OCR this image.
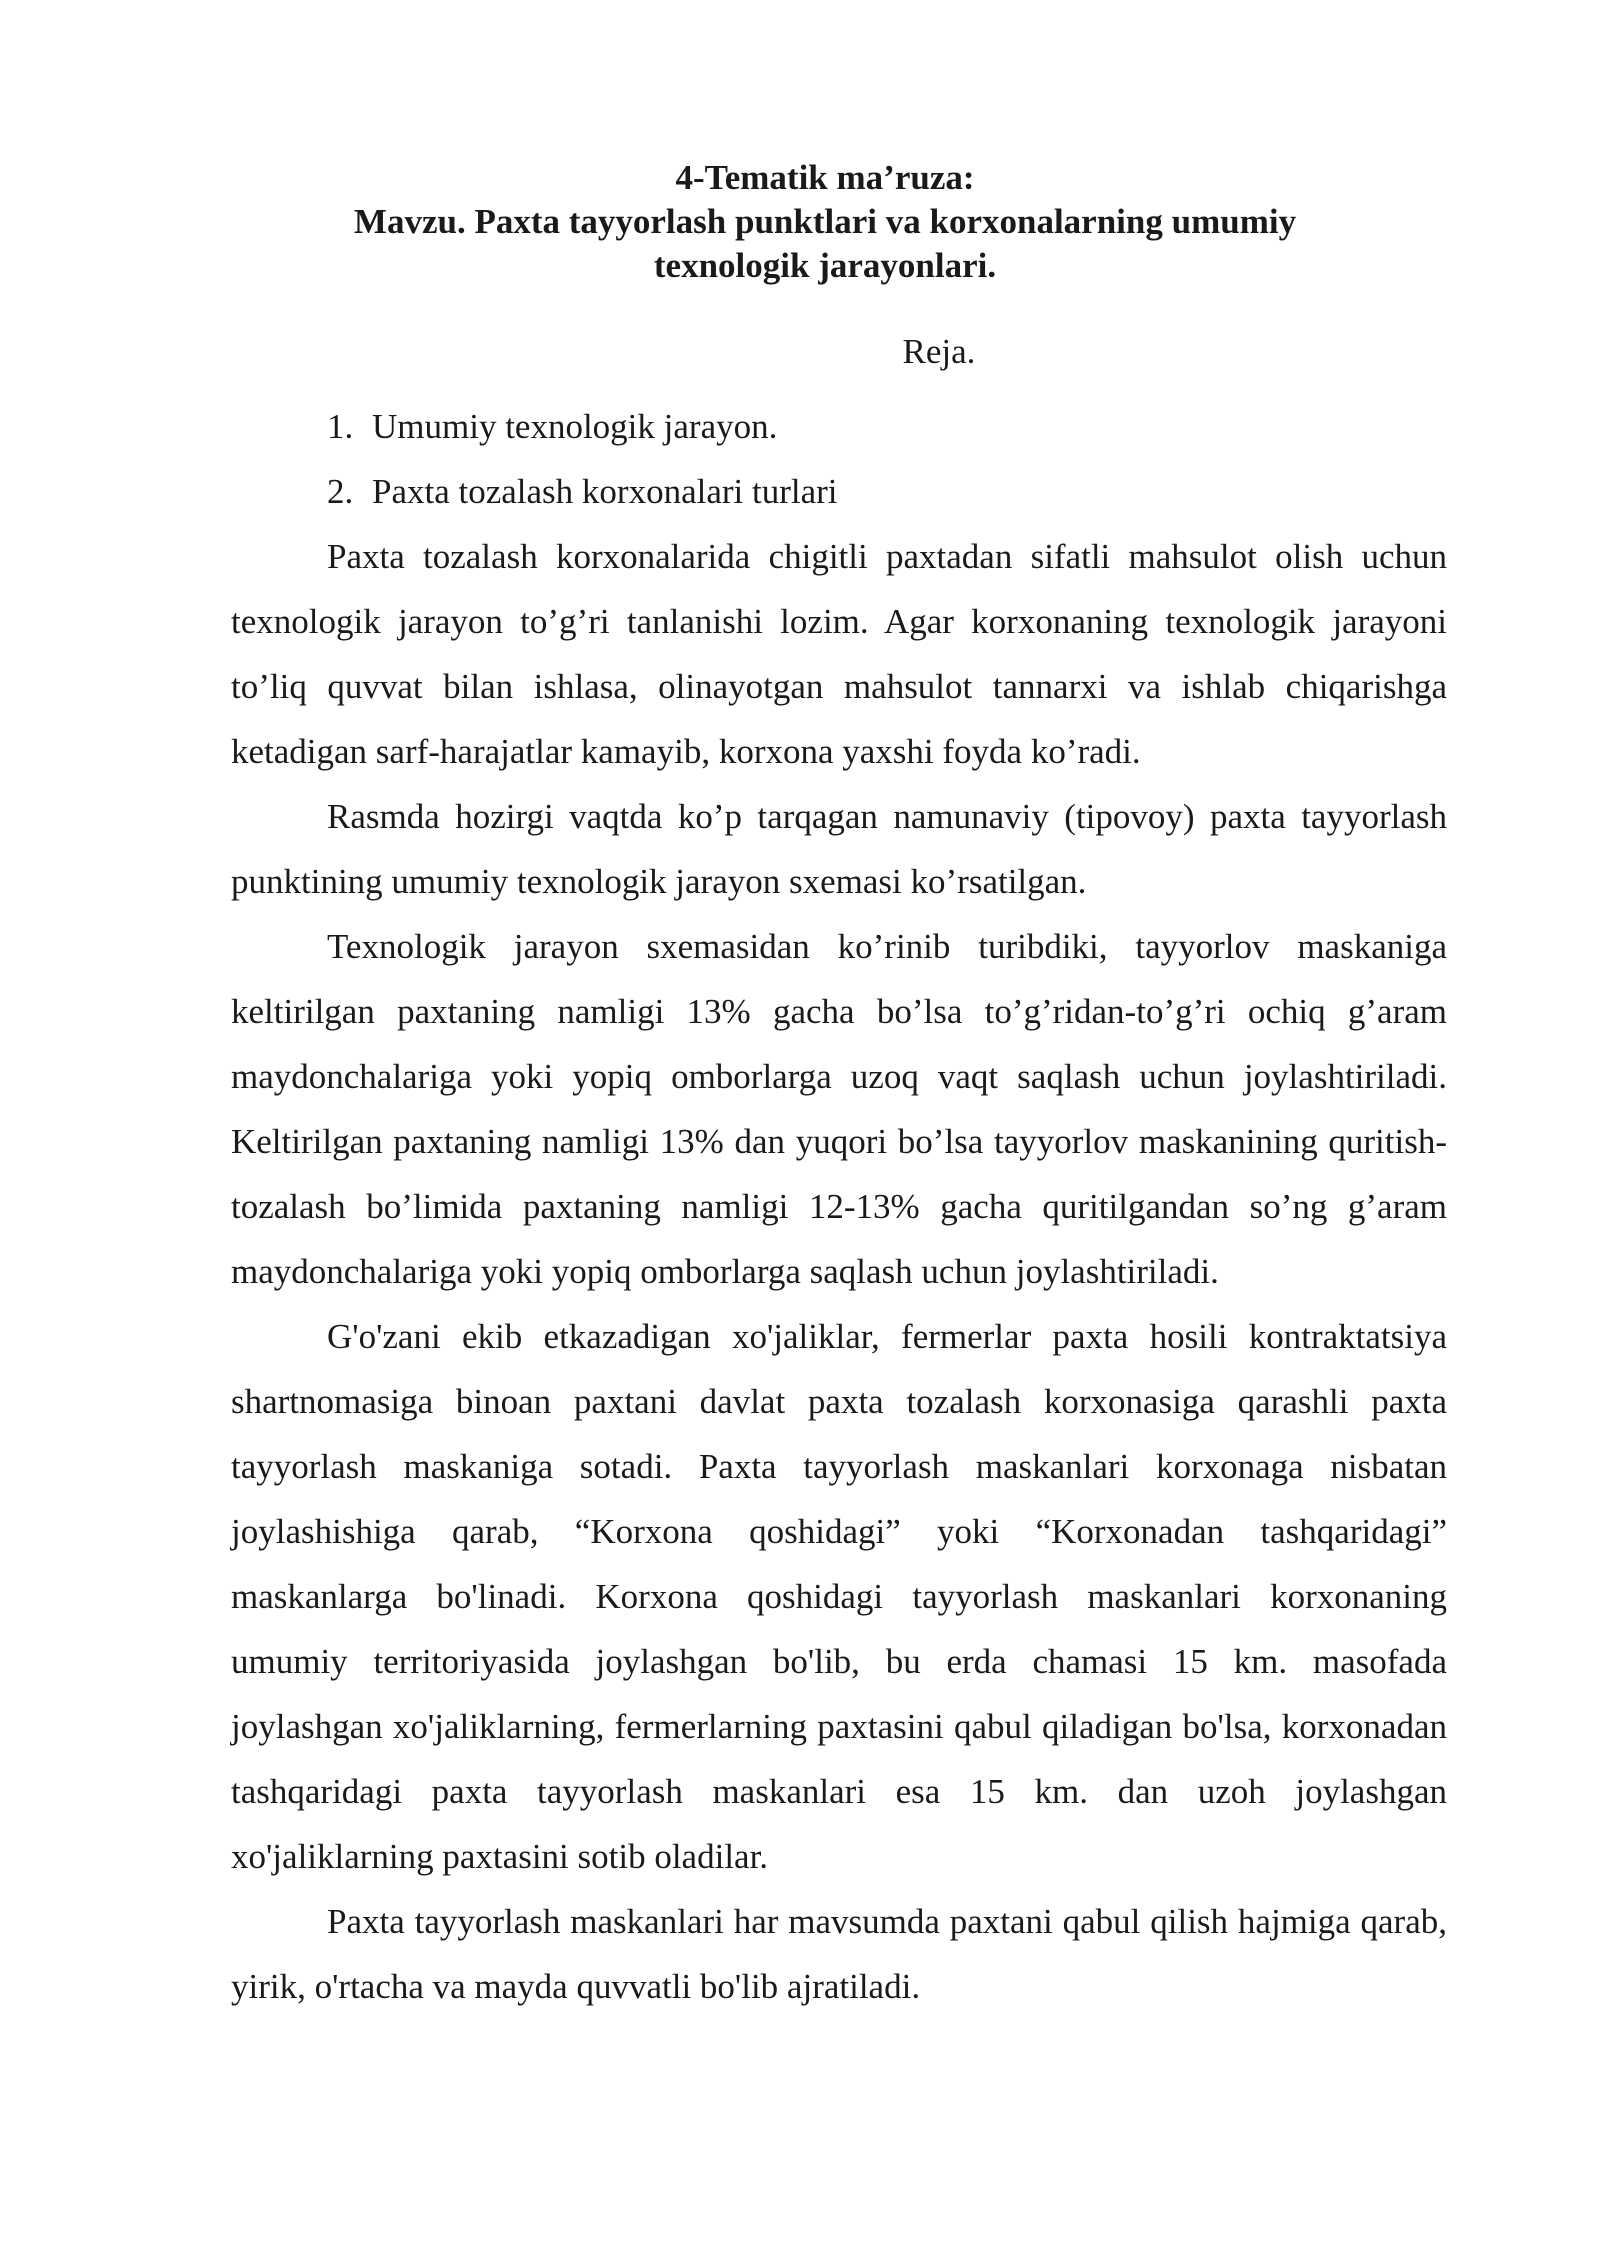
4-Tematik ma’ruza:
Mavzu. Paxta tayyorlash punktlari va korxonalarning umumiy
texnologik jarayonlari.
Reja.
1. Umumiy texnologik jarayon.
2. Paxta tozalash korxonalari turlari

Paxta tozalash korxonalarida chigitli paxtadan sifatli mahsulot olish uchun texnologik jarayon to’g’ri tanlanishi lozim. Agar korxonaning texnologik jarayoni to’liq quvvat bilan ishlasa, olinayotgan mahsulot tannarxi va ishlab chiqarishga ketadigan sarf-harajatlar kamayib, korxona yaxshi foyda ko’radi.

Rasmda hozirgi vaqtda ko’p tarqagan namunaviy (tipovoy) paxta tayyorlash punktining umumiy texnologik jarayon sxemasi ko’rsatilgan.

Texnologik jarayon sxemasidan ko’rinib turibdiki, tayyorlov maskaniga keltirilgan paxtaning namligi 13% gacha bo’lsa to’g’ridan-to’g’ri ochiq g’aram maydonchalariga yoki yopiq omborlarga uzoq vaqt saqlash uchun joylashtiriladi. Keltirilgan paxtaning namligi 13% dan yuqori bo’lsa tayyorlov maskanining quritish-tozalash bo’limida paxtaning namligi 12-13% gacha quritilgandan so’ng g’aram maydonchalariga yoki yopiq omborlarga saqlash uchun joylashtiriladi.

G'o'zani ekib etkazadigan xo'jaliklar, fermerlar paxta hosili kontraktatsiya shartnomasiga binoan paxtani davlat paxta tozalash korxonasiga qarashli paxta tayyorlash maskaniga sotadi. Paxta tayyorlash maskanlari korxonaga nisbatan joylashishiga qarab, “Korxona qoshidagi” yoki “Korxonadan tashqaridagi” maskanlarga bo'linadi. Korxona qoshidagi tayyorlash maskanlari korxonaning umumiy territoriyasida joylashgan bo'lib, bu erda chamasi 15 km. masofada joylashgan xo'jaliklarning, fermerlarning paxtasini qabul qiladigan bo'lsa, korxonadan tashqaridagi paxta tayyorlash maskanlari esa 15 km. dan uzoh joylashgan xo'jaliklarning paxtasini sotib oladilar.

Paxta tayyorlash maskanlari har mavsumda paxtani qabul qilish hajmiga qarab, yirik, o'rtacha va mayda quvvatli bo'lib ajratiladi.
